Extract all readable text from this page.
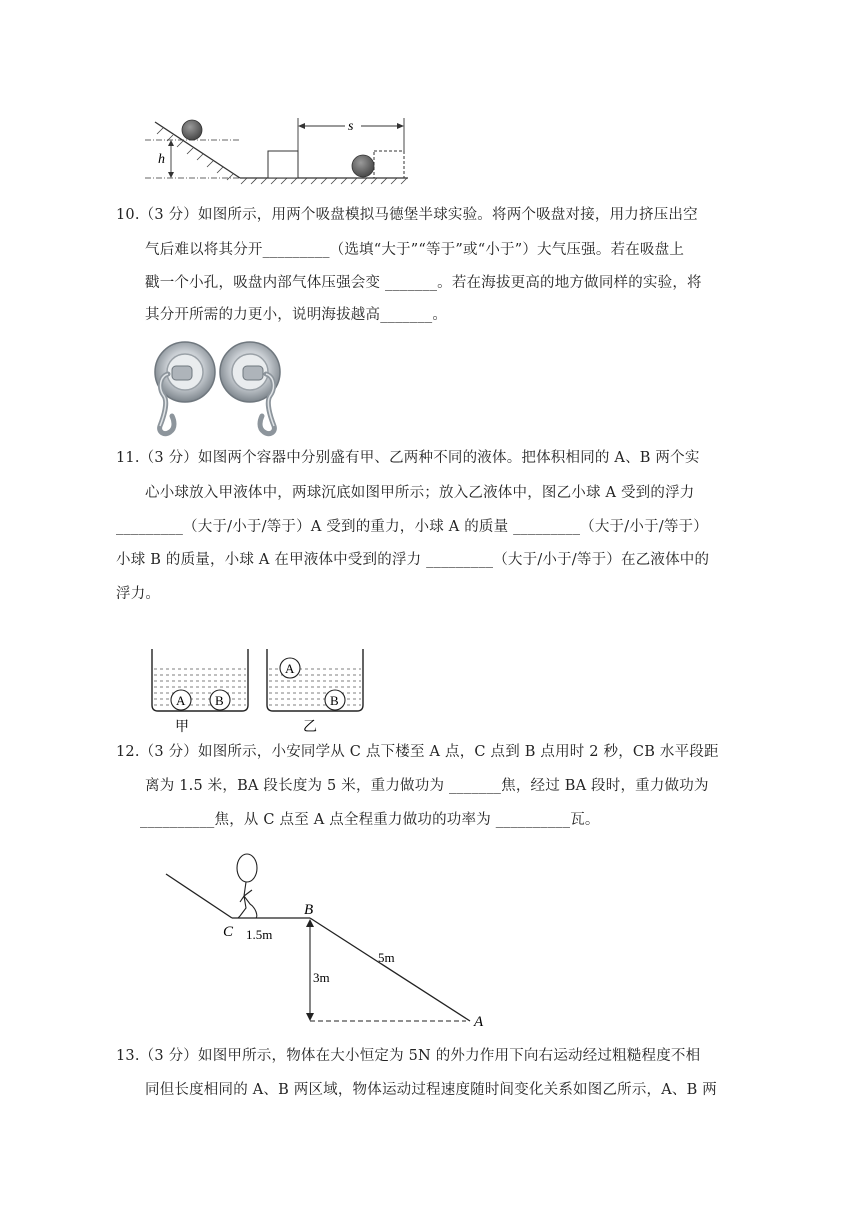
h
s
10.（3 分）如图所示，用两个吸盘模拟马德堡半球实验。将两个吸盘对接，用力挤压出空
气后难以将其分开_________（选填“大于”“等于”或“小于”）大气压强。若在吸盘上
戳一个小孔，吸盘内部气体压强会变 _______。若在海拔更高的地方做同样的实验，将
其分开所需的力更小，说明海拔越高_______。
11.（3 分）如图两个容器中分别盛有甲、乙两种不同的液体。把体积相同的 A、B 两个实
心小球放入甲液体中，两球沉底如图甲所示；放入乙液体中，图乙小球 A 受到的浮力
_________（大于/小于/等于）A 受到的重力，小球 A 的质量 _________（大于/小于/等于）
小球 B 的质量，小球 A 在甲液体中受到的浮力 _________（大于/小于/等于）在乙液体中的
浮力。
A B
甲
A
B
乙
12.（3 分）如图所示，小安同学从 C 点下楼至 A 点，C 点到 B 点用时 2 秒，CB 水平段距
离为 1.5 米，BA 段长度为 5 米，重力做功为 _______焦，经过 BA 段时，重力做功为
__________焦，从 C 点至 A 点全程重力做功的功率为 __________瓦。
C 1.5m
B
5m
3m
A
13.（3 分）如图甲所示，物体在大小恒定为 5N 的外力作用下向右运动经过粗糙程度不相
同但长度相同的 A、B 两区域，物体运动过程速度随时间变化关系如图乙所示，A、B 两
